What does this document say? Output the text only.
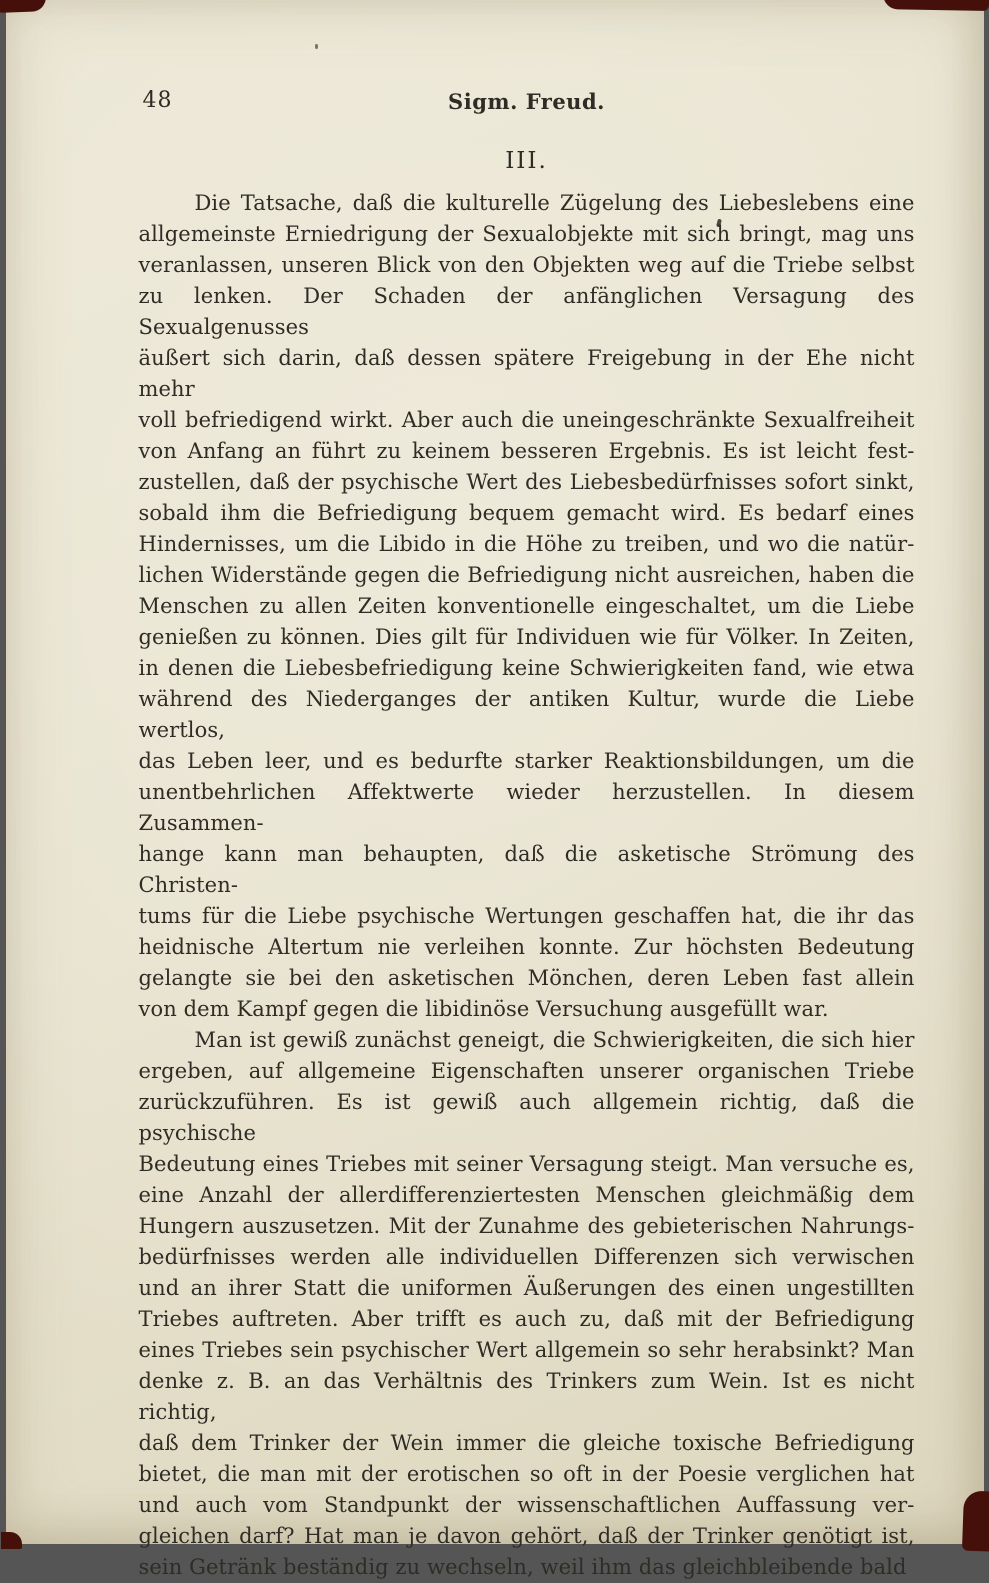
48	Sigm. Freud.
III.
Die Tatsache, daß die kulturelle Zügelung des Liebeslebens eine
allgemeinste Erniedrigung der Sexualobjekte mit sich bringt, mag uns
veranlassen, unseren Blick von den Objekten weg auf die Triebe selbst
zu lenken. Der Schaden der anfänglichen Versagung des Sexualgenusses
äußert sich darin, daß dessen spätere Freigebung in der Ehe nicht mehr
voll befriedigend wirkt. Aber auch die uneingeschränkte Sexualfreiheit
von Anfang an führt zu keinem besseren Ergebnis. Es ist leicht fest-
zustellen, daß der psychische Wert des Liebesbedürfnisses sofort sinkt,
sobald ihm die Befriedigung bequem gemacht wird. Es bedarf eines
Hindernisses, um die Libido in die Höhe zu treiben, und wo die natür-
lichen Widerstände gegen die Befriedigung nicht ausreichen, haben die
Menschen zu allen Zeiten konventionelle eingeschaltet, um die Liebe
genießen zu können. Dies gilt für Individuen wie für Völker. In Zeiten,
in denen die Liebesbefriedigung keine Schwierigkeiten fand, wie etwa
während des Niederganges der antiken Kultur, wurde die Liebe wertlos,
das Leben leer, und es bedurfte starker Reaktionsbildungen, um die
unentbehrlichen Affektwerte wieder herzustellen. In diesem Zusammen-
hange kann man behaupten, daß die asketische Strömung des Christen-
tums für die Liebe psychische Wertungen geschaffen hat, die ihr das
heidnische Altertum nie verleihen konnte. Zur höchsten Bedeutung
gelangte sie bei den asketischen Mönchen, deren Leben fast allein
von dem Kampf gegen die libidinöse Versuchung ausgefüllt war.
Man ist gewiß zunächst geneigt, die Schwierigkeiten, die sich hier
ergeben, auf allgemeine Eigenschaften unserer organischen Triebe
zurückzuführen. Es ist gewiß auch allgemein richtig, daß die psychische
Bedeutung eines Triebes mit seiner Versagung steigt. Man versuche es,
eine Anzahl der allerdifferenziertesten Menschen gleichmäßig dem
Hungern auszusetzen. Mit der Zunahme des gebieterischen Nahrungs-
bedürfnisses werden alle individuellen Differenzen sich verwischen
und an ihrer Statt die uniformen Äußerungen des einen ungestillten
Triebes auftreten. Aber trifft es auch zu, daß mit der Befriedigung
eines Triebes sein psychischer Wert allgemein so sehr herabsinkt? Man
denke z. B. an das Verhältnis des Trinkers zum Wein. Ist es nicht richtig,
daß dem Trinker der Wein immer die gleiche toxische Befriedigung
bietet, die man mit der erotischen so oft in der Poesie verglichen hat
und auch vom Standpunkt der wissenschaftlichen Auffassung ver-
gleichen darf? Hat man je davon gehört, daß der Trinker genötigt ist,
sein Getränk beständig zu wechseln, weil ihm das gleichbleibende bald
